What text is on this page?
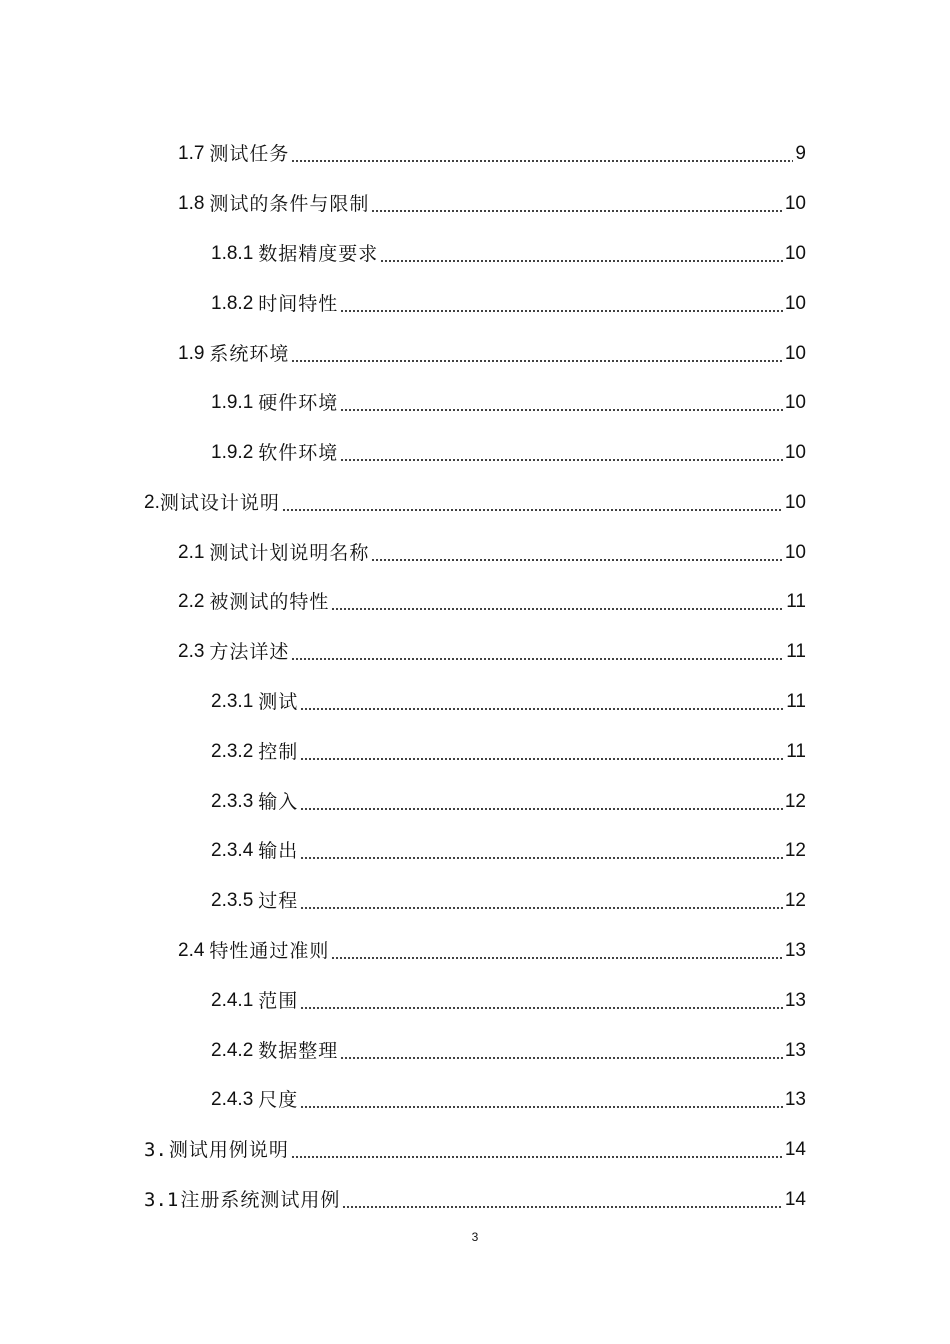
1.7 测试任务	9
1.8 测试的条件与限制	10
1.8.1 数据精度要求	10
1.8.2 时间特性	10
1.9 系统环境	10
1.9.1 硬件环境	10
1.9.2 软件环境	10
2. 测试设计说明	10
2.1 测试计划说明名称	10
2.2 被测试的特性	11
2.3 方法详述	11
2.3.1 测试	11
2.3.2 控制	11
2.3.3 输入	12
2.3.4 输出	12
2.3.5 过程	12
2.4 特性通过准则	13
2.4.1 范围	13
2.4.2 数据整理	13
2.4.3 尺度	13
3. 测试用例说明	14
3.1 注册系统测试用例	14
3
